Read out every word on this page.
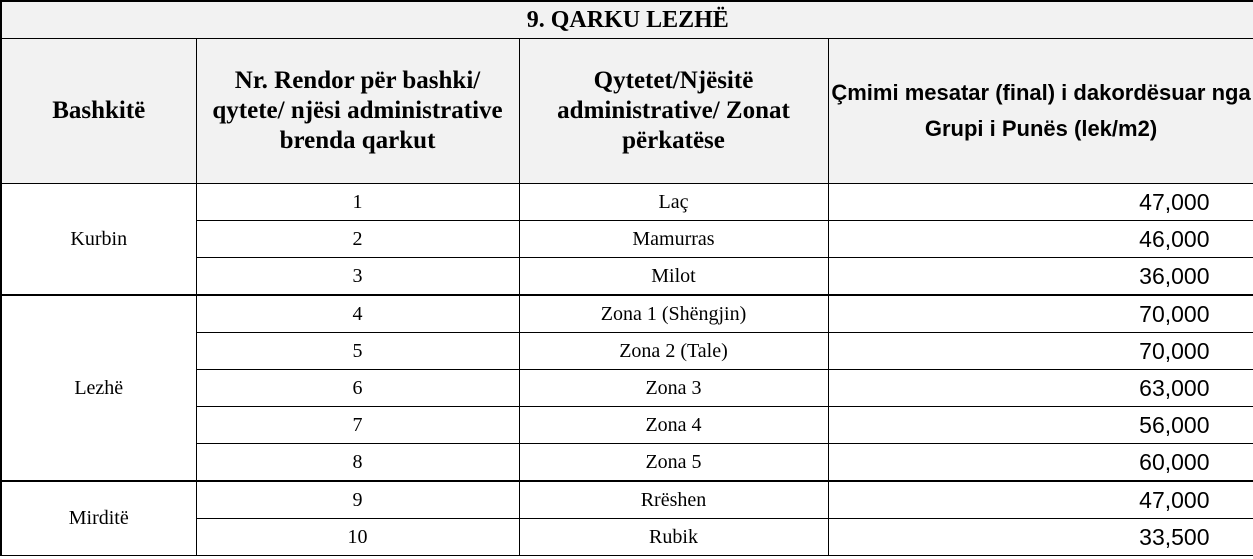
9. QARKU LEZHË			
Bashkitë	Nr. Rendor për bashki/ qytete/ njësi administrative brenda qarkut	Qytetet/Njësitë administrative/ Zonat përkatëse	Çmimi mesatar (final) i dakordësuar nga Grupi i Punës (lek/m2)
Kurbin	1	Laç	47,000
	2	Mamurras	46,000
	3	Milot	36,000
Lezhë	4	Zona 1 (Shëngjin)	70,000
	5	Zona 2 (Tale)	70,000
	6	Zona 3	63,000
	7	Zona 4	56,000
	8	Zona 5	60,000
Mirditë	9	Rrëshen	47,000
	10	Rubik	33,500
